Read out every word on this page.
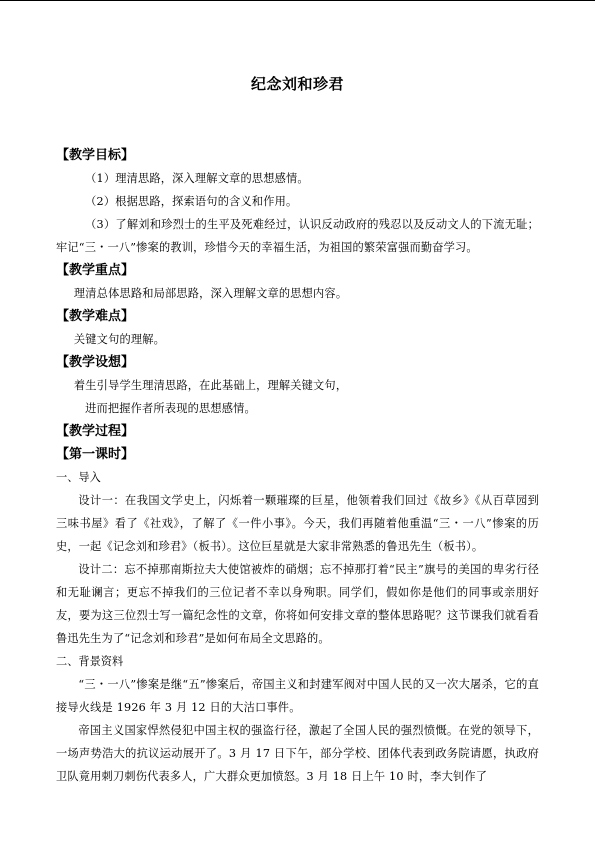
纪念刘和珍君

【教学目标】

（1）理清思路，深入理解文章的思想感情。

（2）根据思路，探索语句的含义和作用。

（3）了解刘和珍烈士的生平及死难经过，认识反动政府的残忍以及反动文人的下流无耻；牢记“三・一八”惨案的教训，珍惜今天的幸福生活，为祖国的繁荣富强而勤奋学习。

【教学重点】

理清总体思路和局部思路，深入理解文章的思想内容。

【教学难点】

关键文句的理解。

【教学设想】

着生引导学生理清思路，在此基础上，理解关键文句，

进而把握作者所表现的思想感情。

【教学过程】

【第一课时】

一、导入

设计一：在我国文学史上，闪烁着一颗璀璨的巨星，他领着我们回过《故乡》《从百草园到三味书屋》看了《社戏》，了解了《一件小事》。今天，我们再随着他重温“三・一八”惨案的历史，一起《记念刘和珍君》（板书）。这位巨星就是大家非常熟悉的鲁迅先生（板书）。

设计二：忘不掉那南斯拉夫大使馆被炸的硝烟；忘不掉那打着“民主”旗号的美国的卑劣行径和无耻谰言；更忘不掉我们的三位记者不幸以身殉职。同学们，假如你是他们的同事或亲朋好友，要为这三位烈士写一篇纪念性的文章，你将如何安排文章的整体思路呢？这节课我们就看看鲁迅先生为了“记念刘和珍君”是如何布局全文思路的。

二、背景资料

“三・一八”惨案是继“五”惨案后，帝国主义和封建军阀对中国人民的又一次大屠杀，它的直接导火线是 1926 年 3 月 12 日的大沽口事件。

帝国主义国家悍然侵犯中国主权的强盗行径，激起了全国人民的强烈愤慨。在党的领导下，一场声势浩大的抗议运动展开了。3 月 17 日下午，部分学校、团体代表到政务院请愿，执政府卫队竟用刺刀刺伤代表多人，广大群众更加愤怒。3 月 18 日上午 10 时，李大钊作了
